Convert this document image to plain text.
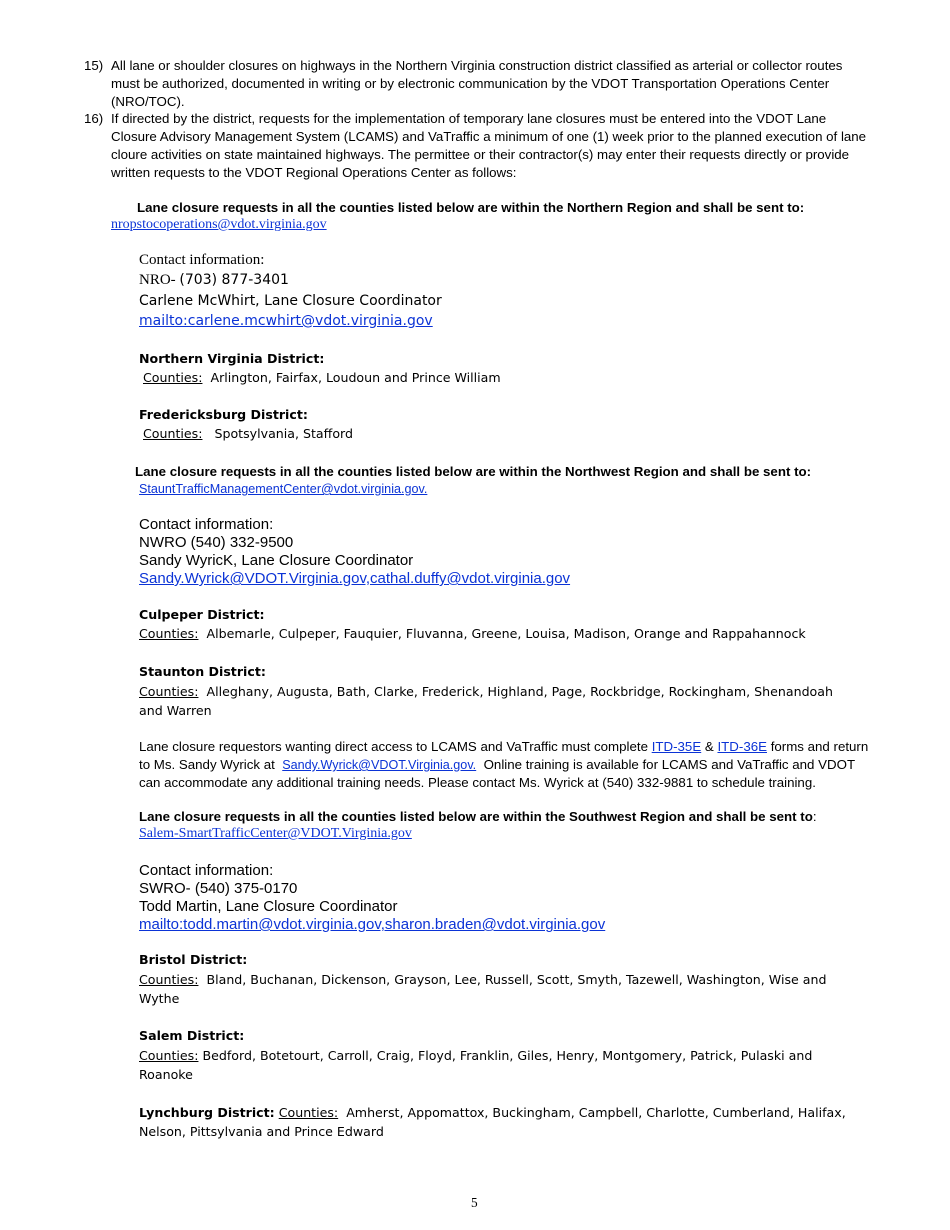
15) All lane or shoulder closures on highways in the Northern Virginia construction district classified as arterial or collector routes must be authorized, documented in writing or by electronic communication by the VDOT Transportation Operations Center (NRO/TOC).
16) If directed by the district, requests for the implementation of temporary lane closures must be entered into the VDOT Lane Closure Advisory Management System (LCAMS) and VaTraffic a minimum of one (1) week prior to the planned execution of lane cloure activities on state maintained highways. The permittee or their contractor(s) may enter their requests directly or provide written requests to the VDOT Regional Operations Center as follows:
Lane closure requests in all the counties listed below are within the Northern Region and shall be sent to:
nropstocoperations@vdot.virginia.gov
Contact information:
NRO- (703) 877-3401
Carlene McWhirt, Lane Closure Coordinator
mailto:carlene.mcwhirt@vdot.virginia.gov
Northern Virginia District:
Counties: Arlington, Fairfax, Loudoun and Prince William
Fredericksburg District:
Counties: Spotsylvania, Stafford
Lane closure requests in all the counties listed below are within the Northwest Region and shall be sent to:
StauntTrafficManagementCenter@vdot.virginia.gov.
Contact information:
NWRO (540) 332-9500
Sandy WyricK, Lane Closure Coordinator
Sandy.Wyrick@VDOT.Virginia.gov,cathal.duffy@vdot.virginia.gov
Culpeper District:
Counties: Albemarle, Culpeper, Fauquier, Fluvanna, Greene, Louisa, Madison, Orange and Rappahannock
Staunton District:
Counties: Alleghany, Augusta, Bath, Clarke, Frederick, Highland, Page, Rockbridge, Rockingham, Shenandoah and Warren
Lane closure requestors wanting direct access to LCAMS and VaTraffic must complete ITD-35E & ITD-36E forms and return to Ms. Sandy Wyrick at Sandy.Wyrick@VDOT.Virginia.gov. Online training is available for LCAMS and VaTraffic and VDOT can accommodate any additional training needs. Please contact Ms. Wyrick at (540) 332-9881 to schedule training.
Lane closure requests in all the counties listed below are within the Southwest Region and shall be sent to:
Salem-SmartTrafficCenter@VDOT.Virginia.gov
Contact information:
SWRO- (540) 375-0170
Todd Martin, Lane Closure Coordinator
mailto:todd.martin@vdot.virginia.gov,sharon.braden@vdot.virginia.gov
Bristol District:
Counties: Bland, Buchanan, Dickenson, Grayson, Lee, Russell, Scott, Smyth, Tazewell, Washington, Wise and Wythe
Salem District:
Counties: Bedford, Botetourt, Carroll, Craig, Floyd, Franklin, Giles, Henry, Montgomery, Patrick, Pulaski and Roanoke
Lynchburg District: Counties: Amherst, Appomattox, Buckingham, Campbell, Charlotte, Cumberland, Halifax, Nelson, Pittsylvania and Prince Edward
5
